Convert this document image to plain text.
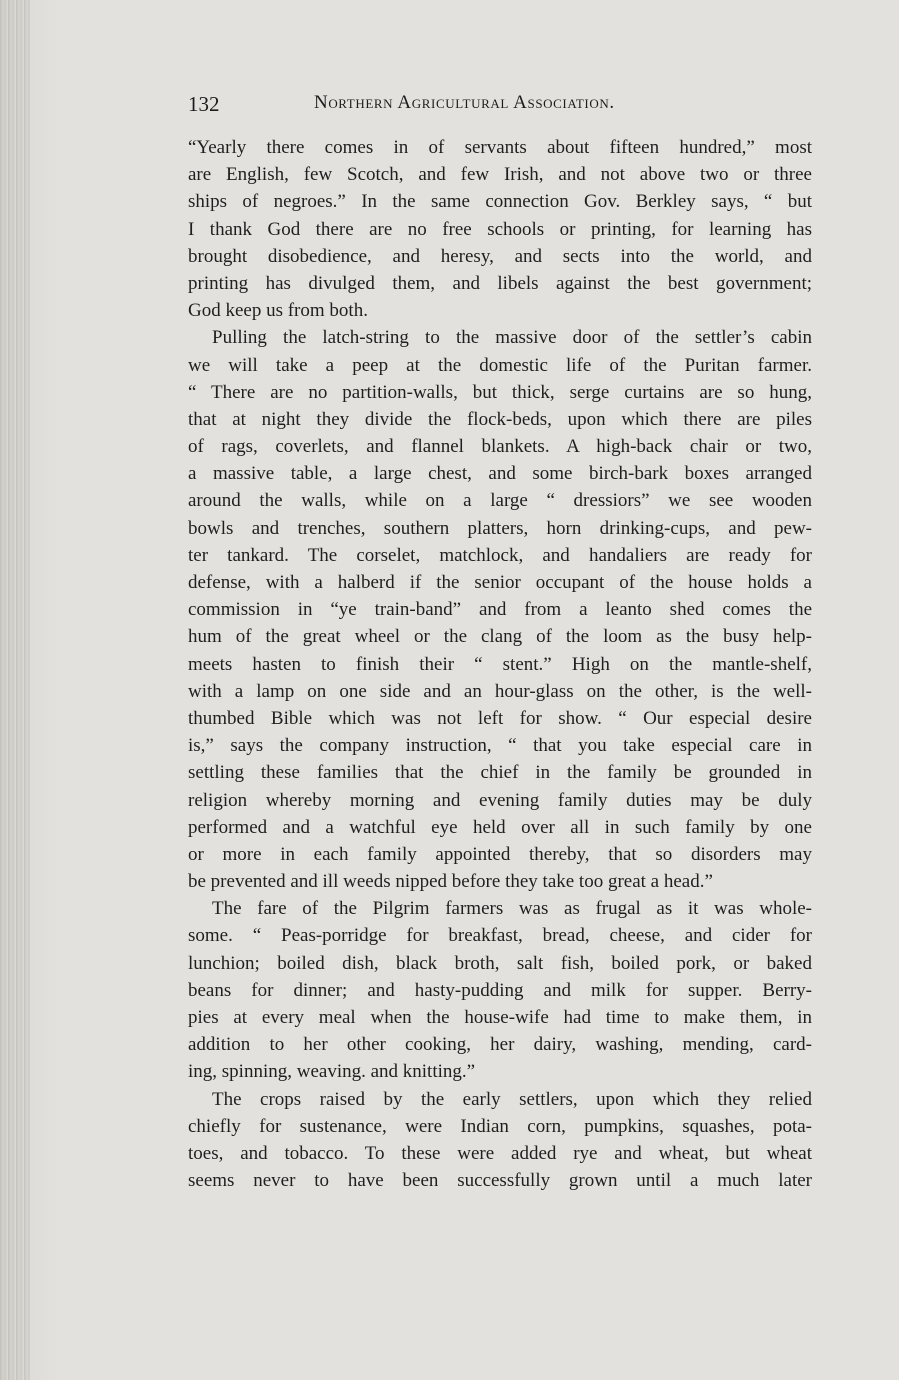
132	Northern Agricultural Association.
“Yearly there comes in of servants about fifteen hundred,” most
are English, few Scotch, and few Irish, and not above two or three
ships of negroes.” In the same connection Gov. Berkley says, “ but
I thank God there are no free schools or printing, for learning has
brought disobedience, and heresy, and sects into the world, and
printing has divulged them, and libels against the best government;
God keep us from both.
Pulling the latch-string to the massive door of the settler’s cabin
we will take a peep at the domestic life of the Puritan farmer.
“ There are no partition-walls, but thick, serge curtains are so hung,
that at night they divide the flock-beds, upon which there are piles
of rags, coverlets, and flannel blankets. A high-back chair or two,
a massive table, a large chest, and some birch-bark boxes arranged
around the walls, while on a large “ dressiors” we see wooden
bowls and trenches, southern platters, horn drinking-cups, and pew-
ter tankard. The corselet, matchlock, and handaliers are ready for
defense, with a halberd if the senior occupant of the house holds a
commission in “ye train-band” and from a leanto shed comes the
hum of the great wheel or the clang of the loom as the busy help-
meets hasten to finish their “ stent.” High on the mantle-shelf,
with a lamp on one side and an hour-glass on the other, is the well-
thumbed Bible which was not left for show. “ Our especial desire
is,” says the company instruction, “ that you take especial care in
settling these families that the chief in the family be grounded in
religion whereby morning and evening family duties may be duly
performed and a watchful eye held over all in such family by one
or more in each family appointed thereby, that so disorders may
be prevented and ill weeds nipped before they take too great a head.”
The fare of the Pilgrim farmers was as frugal as it was whole-
some. “ Peas-porridge for breakfast, bread, cheese, and cider for
lunchion; boiled dish, black broth, salt fish, boiled pork, or baked
beans for dinner; and hasty-pudding and milk for supper. Berry-
pies at every meal when the house-wife had time to make them, in
addition to her other cooking, her dairy, washing, mending, card-
ing, spinning, weaving. and knitting.”
The crops raised by the early settlers, upon which they relied
chiefly for sustenance, were Indian corn, pumpkins, squashes, pota-
toes, and tobacco. To these were added rye and wheat, but wheat
seems never to have been successfully grown until a much later
